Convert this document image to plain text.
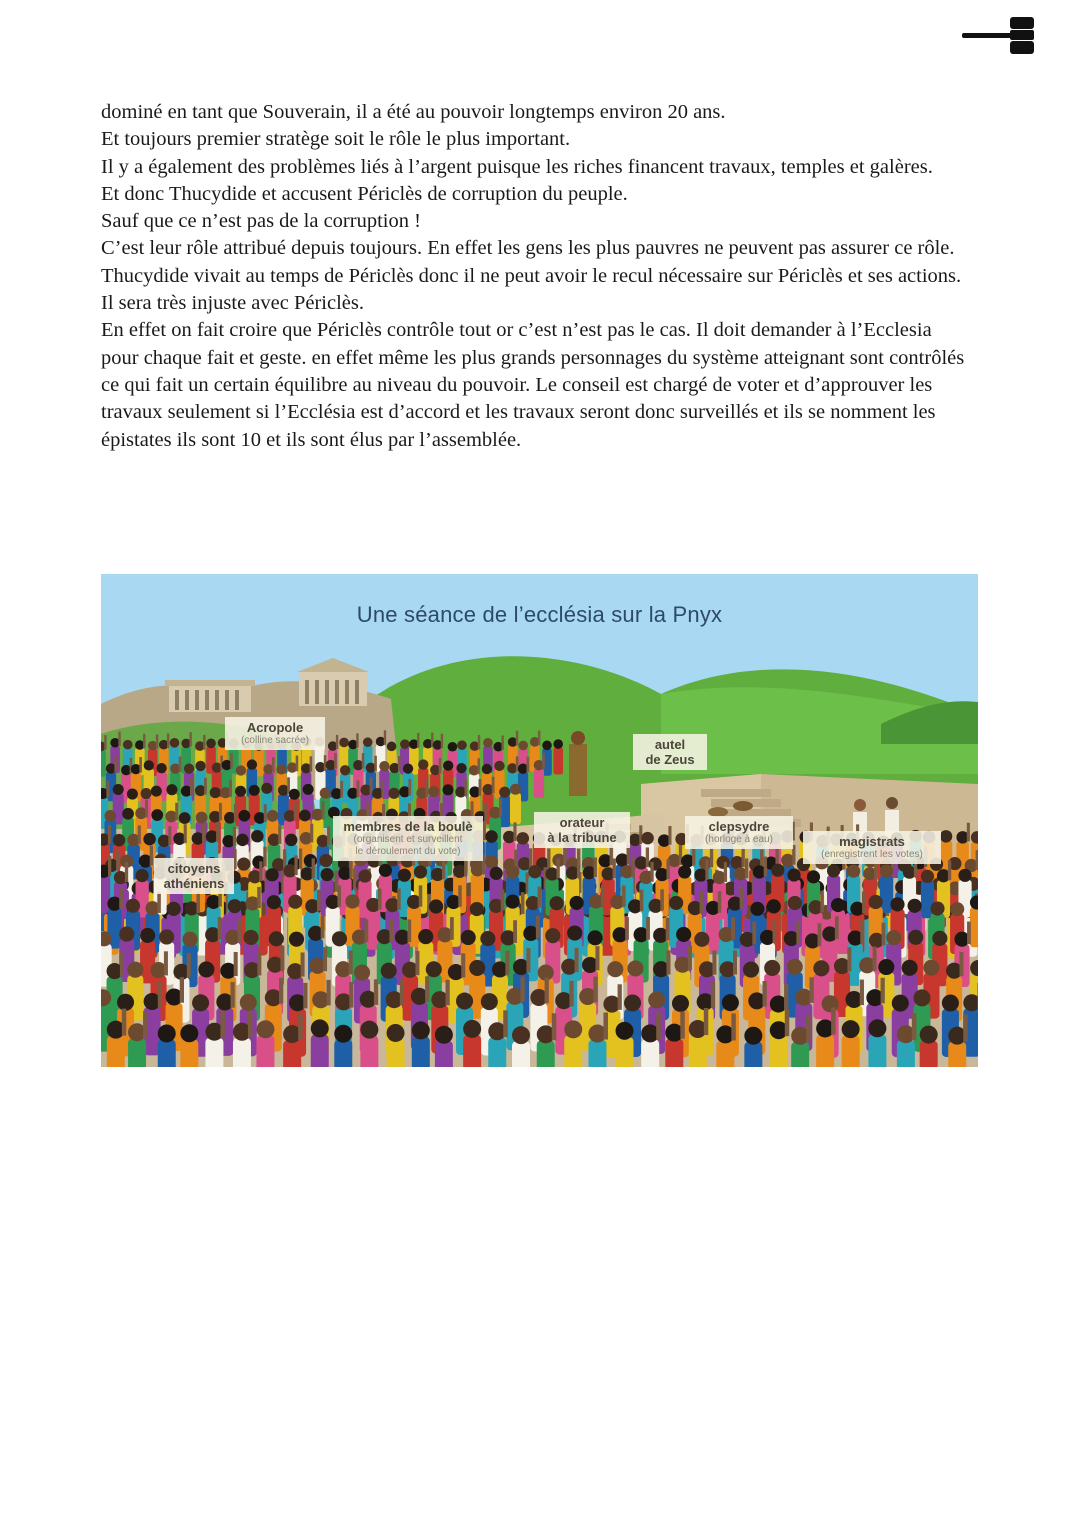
dominé en tant que Souverain, il a été au pouvoir longtemps environ 20 ans.

Et toujours premier stratège soit le rôle le plus important.

Il y a également des problèmes liés à l’argent puisque les riches financent travaux, temples et galères.

Et donc Thucydide et accusent Périclès de corruption du peuple.

Sauf que ce n’est pas de la corruption !

C’est leur rôle attribué depuis toujours. En effet les gens les plus pauvres ne peuvent pas assurer ce rôle.

Thucydide vivait au temps de Périclès donc il ne peut avoir le recul nécessaire sur Périclès et ses actions.

Il sera très injuste avec Périclès.

En effet on fait croire que Périclès contrôle tout or c’est n’est pas le cas. Il doit demander à l’Ecclesia pour chaque fait et geste. en effet même les plus grands personnages du système atteignant sont contrôlés ce qui fait un certain équilibre au niveau du pouvoir. Le conseil est chargé de voter et d’approuver les travaux seulement si l’Ecclésia est d’accord et les travaux seront donc surveillés et ils se nomment les épistates ils sont 10 et ils sont élus par l’assemblée.

Une séance de l’ecclésia sur la Pnyx
Acropole
(colline sacrée)	autel
de Zeus
membres de la boulè
(organisent et surveillent
le déroulement du vote)
orateur
à la tribune
clepsydre
(horloge à eau)	magistrats
(enregistrent les votes)
citoyens
athéniens
